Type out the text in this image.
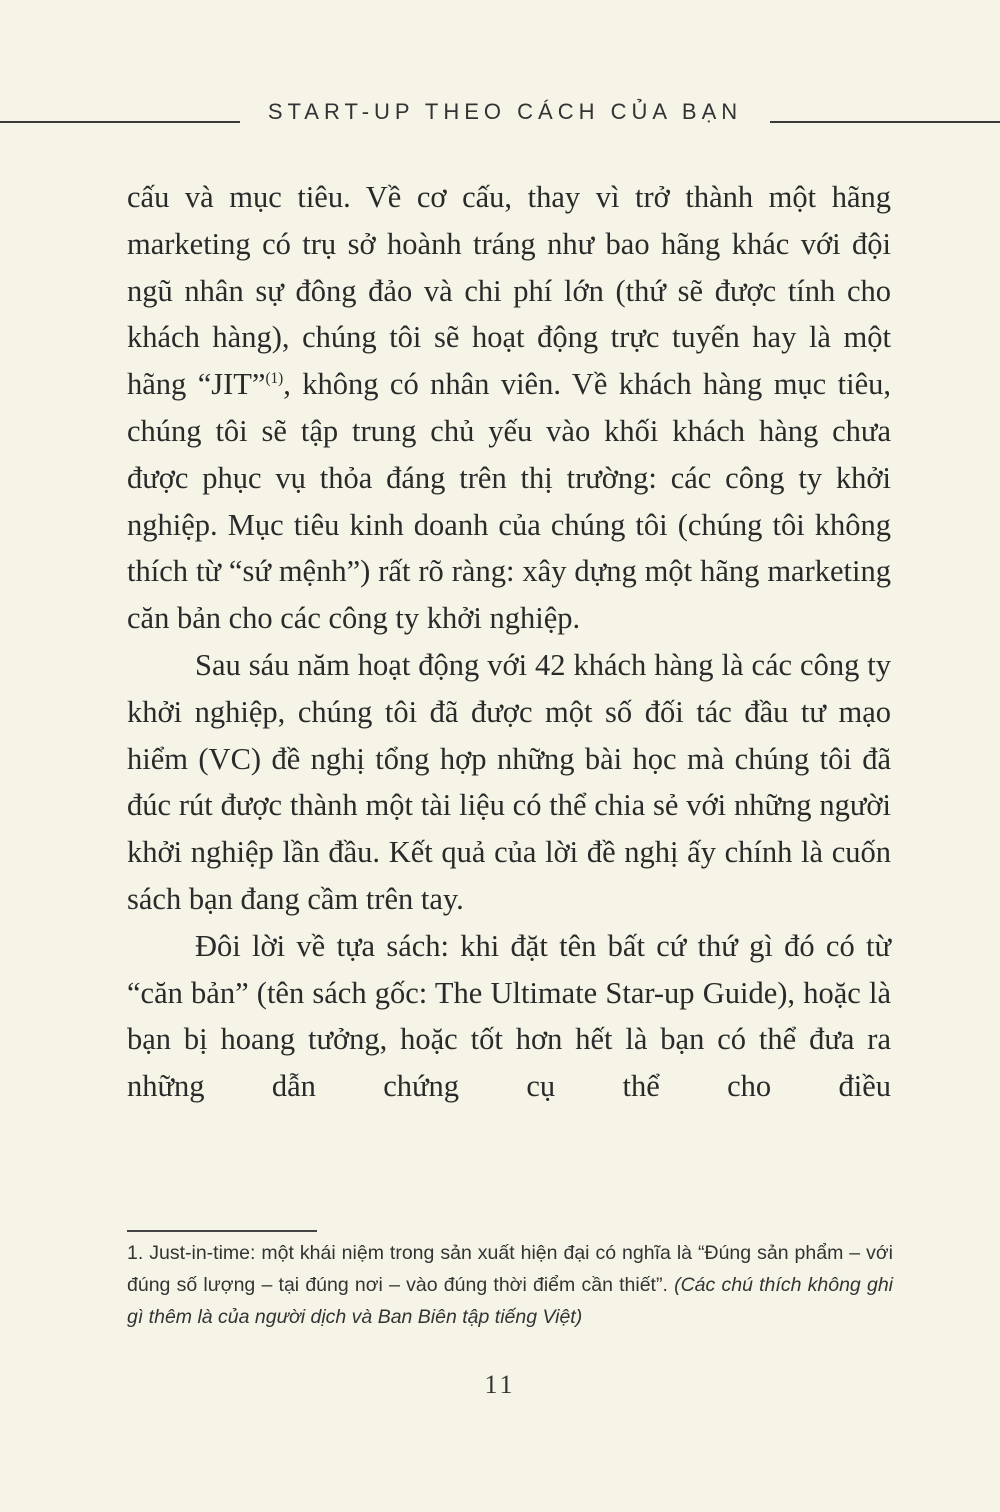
START-UP THEO CÁCH CỦA BẠN

cấu và mục tiêu. Về cơ cấu, thay vì trở thành một hãng marketing có trụ sở hoành tráng như bao hãng khác với đội ngũ nhân sự đông đảo và chi phí lớn (thứ sẽ được tính cho khách hàng), chúng tôi sẽ hoạt động trực tuyến hay là một hãng “JIT”$^{(1)}$, không có nhân viên. Về khách hàng mục tiêu, chúng tôi sẽ tập trung chủ yếu vào khối khách hàng chưa được phục vụ thỏa đáng trên thị trường: các công ty khởi nghiệp. Mục tiêu kinh doanh của chúng tôi (chúng tôi không thích từ “sứ mệnh”) rất rõ ràng: xây dựng một hãng marketing căn bản cho các công ty khởi nghiệp.

Sau sáu năm hoạt động với 42 khách hàng là các công ty khởi nghiệp, chúng tôi đã được một số đối tác đầu tư mạo hiểm (VC) đề nghị tổng hợp những bài học mà chúng tôi đã đúc rút được thành một tài liệu có thể chia sẻ với những người khởi nghiệp lần đầu. Kết quả của lời đề nghị ấy chính là cuốn sách bạn đang cầm trên tay.

Đôi lời về tựa sách: khi đặt tên bất cứ thứ gì đó có từ “căn bản” (tên sách gốc: The Ultimate Star-up Guide), hoặc là bạn bị hoang tưởng, hoặc tốt hơn hết là bạn có thể đưa ra những dẫn chứng cụ thể cho điều

1. Just-in-time: một khái niệm trong sản xuất hiện đại có nghĩa là “Đúng sản phẩm – với đúng số lượng – tại đúng nơi – vào đúng thời điểm cần thiết”. (Các chú thích không ghi gì thêm là của người dịch và Ban Biên tập tiếng Việt)
11
